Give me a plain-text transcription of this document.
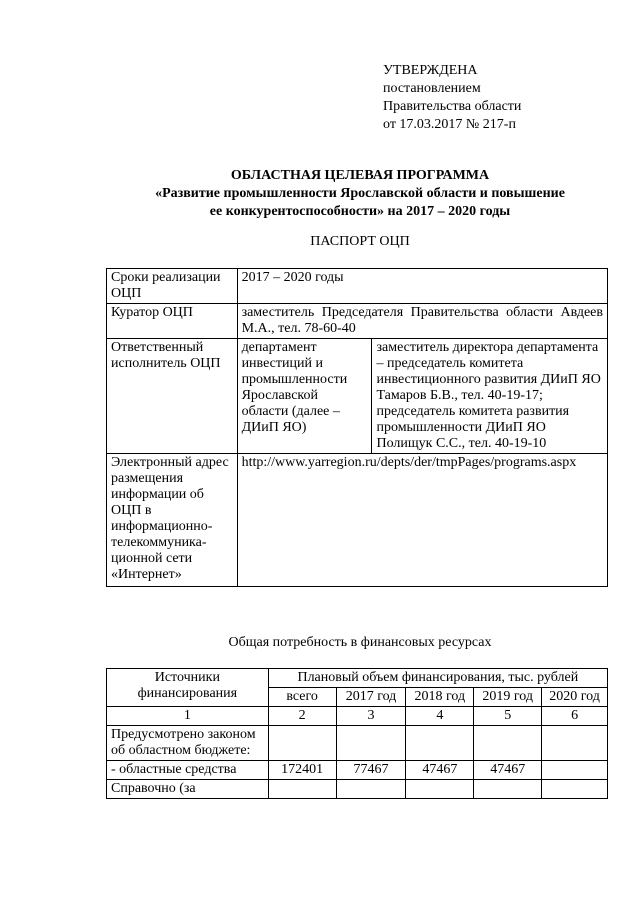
УТВЕРЖДЕНА
постановлением
Правительства области
от 17.03.2017 № 217-п
ОБЛАСТНАЯ ЦЕЛЕВАЯ ПРОГРАММА
«Развитие промышленности Ярославской области и повышение
ее конкурентоспособности» на 2017 – 2020 годы
ПАСПОРТ ОЦП
Сроки реализации ОЦП	2017 – 2020 годы	
Куратор ОЦП	заместитель Председателя Правительства области Авдеев М.А., тел. 78-60-40	
Ответственный исполнитель ОЦП	департамент инвестиций и промышленности Ярославской области (далее – ДИиП ЯО)	заместитель директора департамента – председатель комитета инвестиционного развития ДИиП ЯО Тамаров Б.В., тел. 40-19-17;
председатель комитета развития промышленности ДИиП ЯО Полищук С.С., тел. 40-19-10

Электронный адрес размещения информации об ОЦП в информационно-телекоммуника-ционной сети «Интернет»	http://www.yarregion.ru/depts/der/tmpPages/programs.aspx	
Общая потребность в финансовых ресурсах
Источники финансирования	Плановый объем финансирования, тыс. рублей				
	всего	2017 год	2018 год	2019 год	2020 год
1	2	3	4	5	6
Предусмотрено законом об областном бюджете:					
- областные средства	172401	77467	47467	47467	
Справочно (за					
